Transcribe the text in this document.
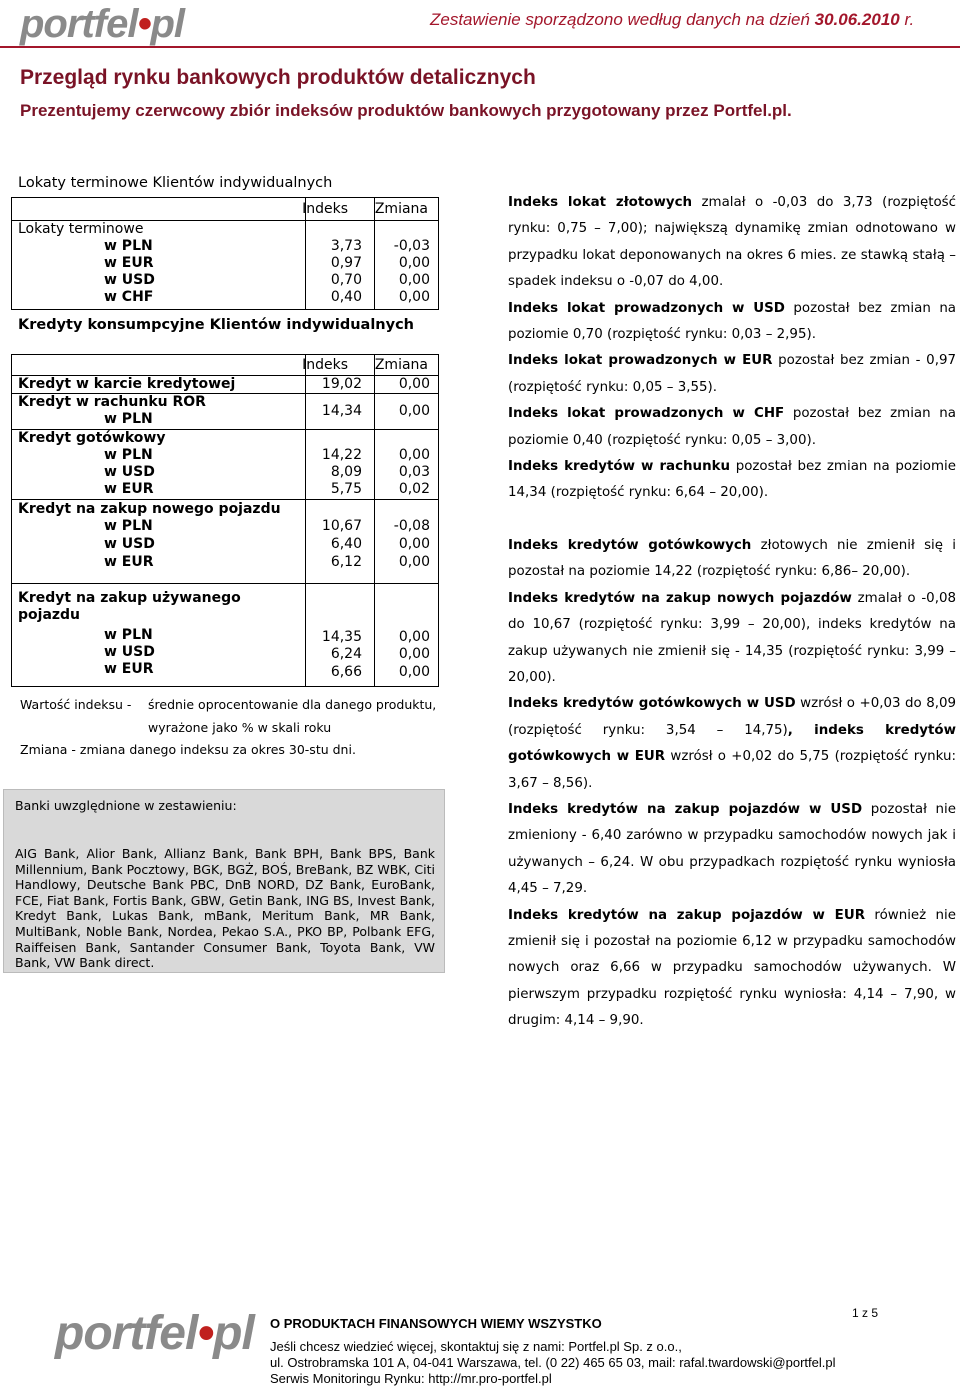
portfel•pl	Zestawienie sporządzono według danych na dzień 30.06.2010 r.
Przegląd rynku bankowych produktów detalicznych
Prezentujemy czerwcowy zbiór indeksów produktów bankowych przygotowany przez Portfel.pl.
Lokaty terminowe Klientów indywidualnych
Indeks Zmiana
Lokaty terminowe
w PLN	3,73 -0,03
w EUR	0,97	0,00
w USD	0,70	0,00
w CHF	0,40	0,00
Kredyty konsumpcyjne Klientów indywidualnych
Indeks Zmiana
Kredyt w karcie kredytowej	19,02	0,00
Kredyt w rachunku ROR
w PLN	14,34	0,00
Kredyt gotówkowy
w PLN	14,22	0,00
w USD	8,09	0,03
w EUR	5,75	0,02
Kredyt na zakup nowego pojazdu
w PLN	10,67 -0,08
w USD	6,40	0,00
w EUR	6,12	0,00
Kredyt na zakup używanego
pojazdu
w PLN	14,35	0,00
w USD	6,24	0,00
w EUR	6,66	0,00
Wartość indeksu - średnie oprocentowanie dla danego produktu,
wyrażone jako % w skali roku
Zmiana - zmiana danego indeksu za okres 30-stu dni.
Banki uwzględnione w zestawieniu:
AIG Bank, Alior Bank, Allianz Bank, Bank BPH, Bank BPS, Bank Millennium, Bank Pocztowy, BGK, BGŻ, BOŚ, BreBank, BZ WBK, Citi Handlowy, Deutsche Bank PBC, DnB NORD, DZ Bank, EuroBank, FCE, Fiat Bank, Fortis Bank, GBW, Getin Bank, ING BS, Invest Bank, Kredyt Bank, Lukas Bank, mBank, Meritum Bank, MR Bank, MultiBank, Noble Bank, Nordea, Pekao S.A., PKO BP, Polbank EFG, Raiffeisen Bank, Santander Consumer Bank, Toyota Bank, VW Bank, VW Bank direct.

Indeks lokat złotowych zmalał o -0,03 do 3,73 (rozpiętość rynku: 0,75 – 7,00); największą dynamikę zmian odnotowano w przypadku lokat deponowanych na okres 6 mies. ze stawką stałą –spadek indeksu o -0,07 do 4,00.

Indeks lokat prowadzonych w USD pozostał bez zmian na poziomie 0,70 (rozpiętość rynku: 0,03 – 2,95).

Indeks lokat prowadzonych w EUR pozostał bez zmian - 0,97 (rozpiętość rynku: 0,05 – 3,55).

Indeks lokat prowadzonych w CHF pozostał bez zmian na poziomie 0,40 (rozpiętość rynku: 0,05 – 3,00).

Indeks kredytów w rachunku pozostał bez zmian na poziomie 14,34 (rozpiętość rynku: 6,64 – 20,00).

Indeks kredytów gotówkowych złotowych nie zmienił się i pozostał na poziomie 14,22 (rozpiętość rynku: 6,86– 20,00).

Indeks kredytów na zakup nowych pojazdów zmalał o -0,08 do 10,67 (rozpiętość rynku: 3,99 – 20,00), indeks kredytów na zakup używanych nie zmienił się - 14,35 (rozpiętość rynku: 3,99 – 20,00).

Indeks kredytów gotówkowych w USD wzrósł o +0,03 do 8,09 (rozpiętość rynku: 3,54 – 14,75), indeks kredytów gotówkowych w EUR wzrósł o +0,02 do 5,75 (rozpiętość rynku: 3,67 – 8,56).

Indeks kredytów na zakup pojazdów w USD pozostał nie zmieniony - 6,40 zarówno w przypadku samochodów nowych jak i używanych – 6,24. W obu przypadkach rozpiętość rynku wyniosła 4,45 – 7,29.

Indeks kredytów na zakup pojazdów w EUR również nie zmienił się i pozostał na poziomie 6,12 w przypadku samochodów nowych oraz 6,66 w przypadku samochodów używanych. W pierwszym przypadku rozpiętość rynku wyniosła: 4,14 – 7,90, w drugim: 4,14 – 9,90.

1 z 5
portfel•pl O PRODUKTACH FINANSOWYCH WIEMY WSZYSTKO
Jeśli chcesz wiedzieć więcej, skontaktuj się z nami: Portfel.pl Sp. z o.o.,
ul. Ostrobramska 101 A, 04-041 Warszawa, tel. (0 22) 465 65 03, mail: rafal.twardowski@portfel.pl
Serwis Monitoringu Rynku: http://mr.pro-portfel.pl
